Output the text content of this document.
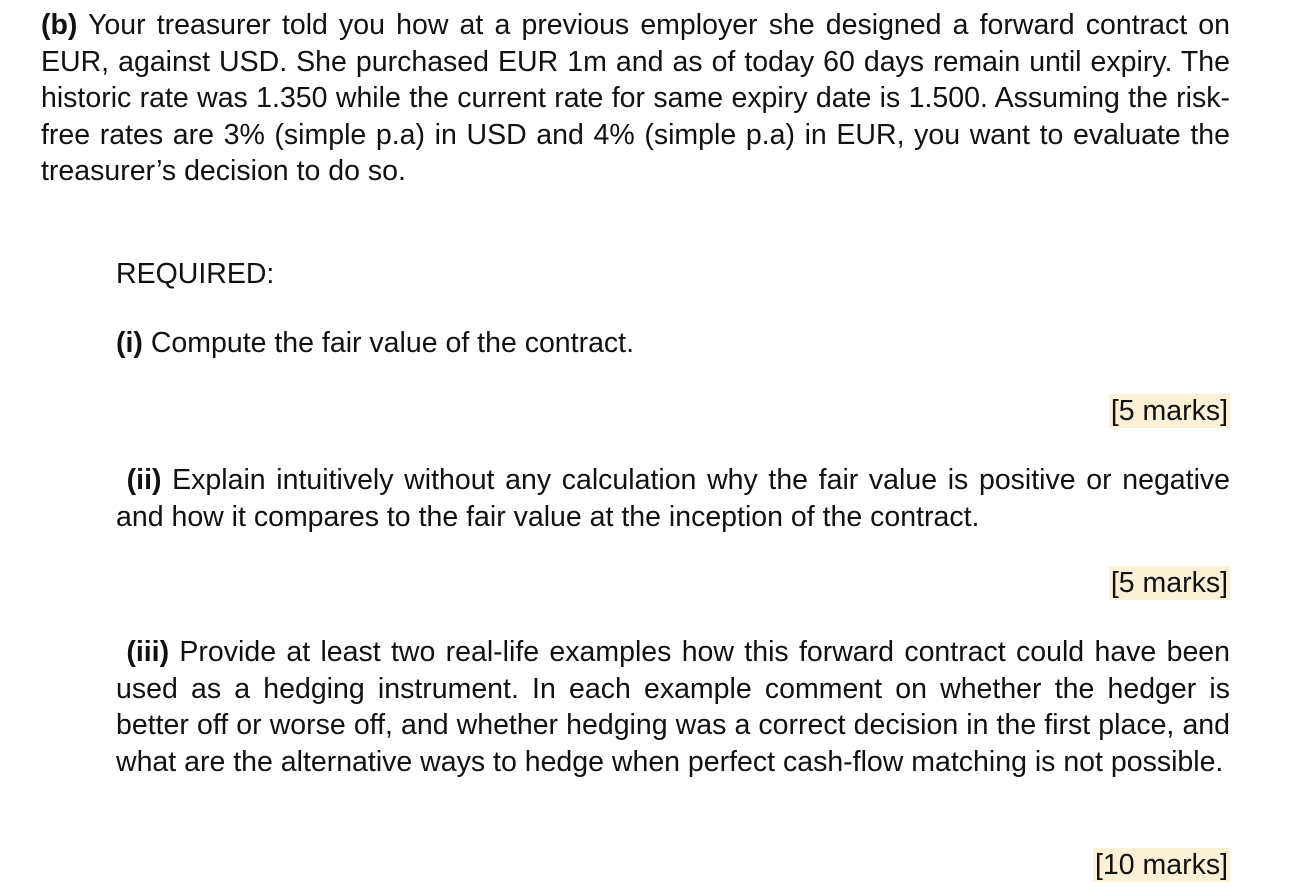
(b) Your treasurer told you how at a previous employer she designed a forward contract on EUR, against USD. She purchased EUR 1m and as of today 60 days remain until expiry. The historic rate was 1.350 while the current rate for same expiry date is 1.500. Assuming the risk-free rates are 3% (simple p.a) in USD and 4% (simple p.a) in EUR, you want to evaluate the treasurer’s decision to do so.

REQUIRED:

(i) Compute the fair value of the contract.

[5 marks]

(ii) Explain intuitively without any calculation why the fair value is positive or negative and how it compares to the fair value at the inception of the contract.

[5 marks]

(iii) Provide at least two real-life examples how this forward contract could have been used as a hedging instrument. In each example comment on whether the hedger is better off or worse off, and whether hedging was a correct decision in the first place, and what are the alternative ways to hedge when perfect cash-flow matching is not possible.

[10 marks]
